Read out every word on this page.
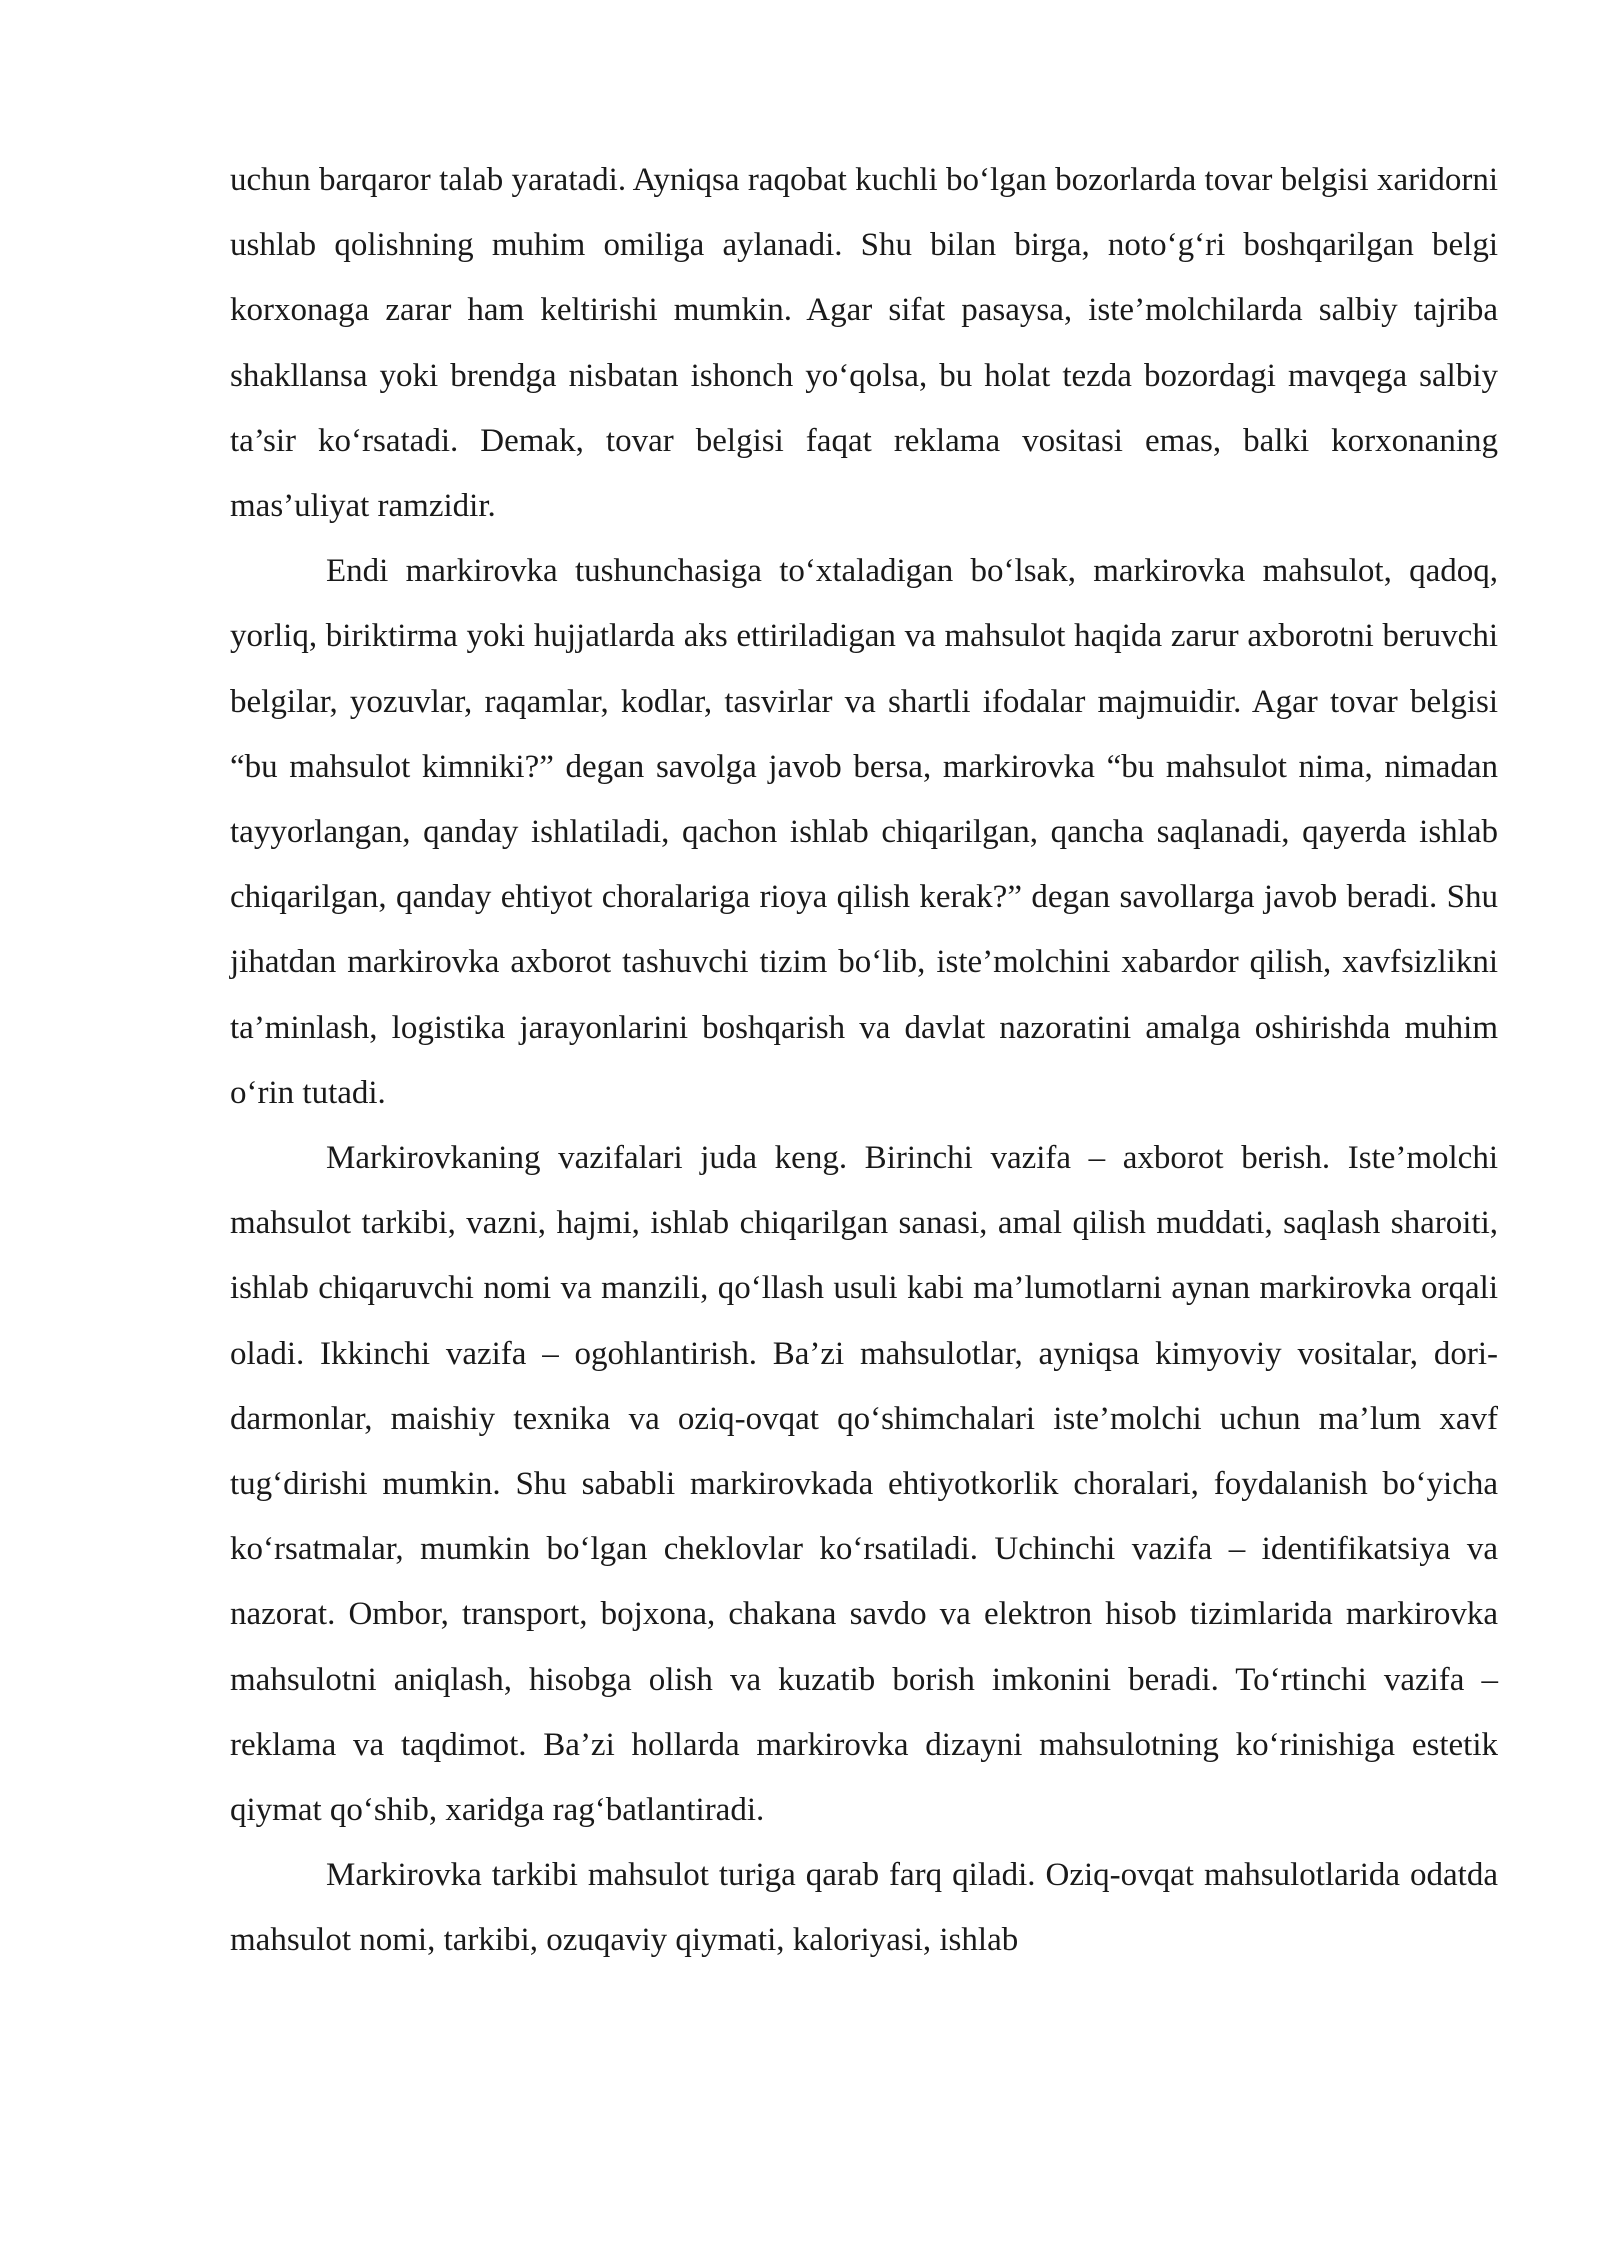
uchun barqaror talab yaratadi. Ayniqsa raqobat kuchli bo‘lgan bozorlarda tovar belgisi xaridorni ushlab qolishning muhim omiliga aylanadi. Shu bilan birga, noto‘g‘ri boshqarilgan belgi korxonaga zarar ham keltirishi mumkin. Agar sifat pasaysa, iste’molchilarda salbiy tajriba shakllansa yoki brendga nisbatan ishonch yo‘qolsa, bu holat tezda bozordagi mavqega salbiy ta’sir ko‘rsatadi. Demak, tovar belgisi faqat reklama vositasi emas, balki korxonaning mas’uliyat ramzidir.

Endi markirovka tushunchasiga to‘xtaladigan bo‘lsak, markirovka mahsulot, qadoq, yorliq, biriktirma yoki hujjatlarda aks ettiriladigan va mahsulot haqida zarur axborotni beruvchi belgilar, yozuvlar, raqamlar, kodlar, tasvirlar va shartli ifodalar majmuidir. Agar tovar belgisi “bu mahsulot kimniki?” degan savolga javob bersa, markirovka “bu mahsulot nima, nimadan tayyorlangan, qanday ishlatiladi, qachon ishlab chiqarilgan, qancha saqlanadi, qayerda ishlab chiqarilgan, qanday ehtiyot choralariga rioya qilish kerak?” degan savollarga javob beradi. Shu jihatdan markirovka axborot tashuvchi tizim bo‘lib, iste’molchini xabardor qilish, xavfsizlikni ta’minlash, logistika jarayonlarini boshqarish va davlat nazoratini amalga oshirishda muhim o‘rin tutadi.

Markirovkaning vazifalari juda keng. Birinchi vazifa – axborot berish. Iste’molchi mahsulot tarkibi, vazni, hajmi, ishlab chiqarilgan sanasi, amal qilish muddati, saqlash sharoiti, ishlab chiqaruvchi nomi va manzili, qo‘llash usuli kabi ma’lumotlarni aynan markirovka orqali oladi. Ikkinchi vazifa – ogohlantirish. Ba’zi mahsulotlar, ayniqsa kimyoviy vositalar, dori-darmonlar, maishiy texnika va oziq-ovqat qo‘shimchalari iste’molchi uchun ma’lum xavf tug‘dirishi mumkin. Shu sababli markirovkada ehtiyotkorlik choralari, foydalanish bo‘yicha ko‘rsatmalar, mumkin bo‘lgan cheklovlar ko‘rsatiladi. Uchinchi vazifa – identifikatsiya va nazorat. Ombor, transport, bojxona, chakana savdo va elektron hisob tizimlarida markirovka mahsulotni aniqlash, hisobga olish va kuzatib borish imkonini beradi. To‘rtinchi vazifa – reklama va taqdimot. Ba’zi hollarda markirovka dizayni mahsulotning ko‘rinishiga estetik qiymat qo‘shib, xaridga rag‘batlantiradi.

Markirovka tarkibi mahsulot turiga qarab farq qiladi. Oziq-ovqat mahsulotlarida odatda mahsulot nomi, tarkibi, ozuqaviy qiymati, kaloriyasi, ishlab
